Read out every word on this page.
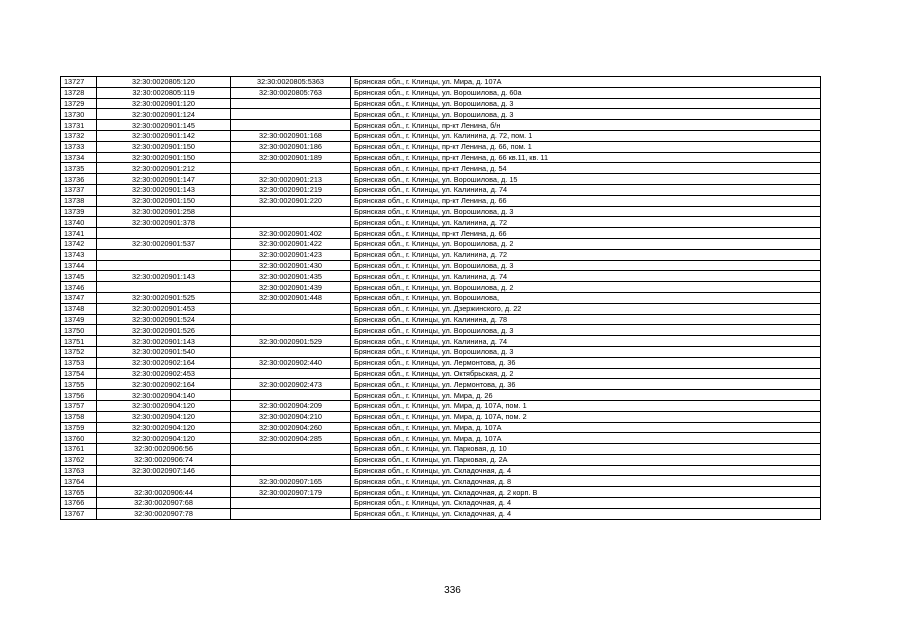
13727	32:30:0020805:120	32:30:0020805:5363	Брянская обл., г. Клинцы, ул. Мира, д. 107А
13728	32:30:0020805:119	32:30:0020805:763	Брянская обл., г. Клинцы, ул. Ворошилова, д. 60а
13729	32:30:0020901:120		Брянская обл., г. Клинцы, ул. Ворошилова, д. 3
13730	32:30:0020901:124		Брянская обл., г. Клинцы, ул. Ворошилова, д. 3
13731	32:30:0020901:145		Брянская обл., г. Клинцы, пр-кт Ленина, б/н
13732	32:30:0020901:142	32:30:0020901:168	Брянская обл., г. Клинцы, ул. Калинина, д. 72, пом. 1
13733	32:30:0020901:150	32:30:0020901:186	Брянская обл., г. Клинцы, пр-кт Ленина, д. 66, пом. 1
13734	32:30:0020901:150	32:30:0020901:189	Брянская обл., г. Клинцы, пр-кт Ленина, д. 66 кв.11, кв. 11
13735	32:30:0020901:212		Брянская обл., г. Клинцы, пр-кт Ленина, д. 54
13736	32:30:0020901:147	32:30:0020901:213	Брянская обл., г. Клинцы, ул. Ворошилова, д. 15
13737	32:30:0020901:143	32:30:0020901:219	Брянская обл., г. Клинцы, ул. Калинина, д. 74
13738	32:30:0020901:150	32:30:0020901:220	Брянская обл., г. Клинцы, пр-кт Ленина, д. 66
13739	32:30:0020901:258		Брянская обл., г. Клинцы, ул. Ворошилова, д. 3
13740	32:30:0020901:378		Брянская обл., г. Клинцы, ул. Калинина, д. 72
13741		32:30:0020901:402	Брянская обл., г. Клинцы, пр-кт Ленина, д. 66
13742	32:30:0020901:537	32:30:0020901:422	Брянская обл., г. Клинцы, ул. Ворошилова, д. 2
13743		32:30:0020901:423	Брянская обл., г. Клинцы, ул. Калинина, д. 72
13744		32:30:0020901:430	Брянская обл., г. Клинцы, ул. Ворошилова, д. 3
13745	32:30:0020901:143	32:30:0020901:435	Брянская обл., г. Клинцы, ул. Калинина, д. 74
13746		32:30:0020901:439	Брянская обл., г. Клинцы, ул. Ворошилова, д. 2
13747	32:30:0020901:525	32:30:0020901:448	Брянская обл., г. Клинцы, ул. Ворошилова,
13748	32:30:0020901:453		Брянская обл., г. Клинцы, ул. Дзержинского, д. 22
13749	32:30:0020901:524		Брянская обл., г. Клинцы, ул. Калинина, д. 78
13750	32:30:0020901:526		Брянская обл., г. Клинцы, ул. Ворошилова, д. 3
13751	32:30:0020901:143	32:30:0020901:529	Брянская обл., г. Клинцы, ул. Калинина, д. 74
13752	32:30:0020901:540		Брянская обл., г. Клинцы, ул. Ворошилова, д. 3
13753	32:30:0020902:164	32:30:0020902:440	Брянская обл., г. Клинцы, ул. Лермонтова, д. 36
13754	32:30:0020902:453		Брянская обл., г. Клинцы, ул. Октябрьская, д. 2
13755	32:30:0020902:164	32:30:0020902:473	Брянская обл., г. Клинцы, ул. Лермонтова, д. 36
13756	32:30:0020904:140		Брянская обл., г. Клинцы, ул. Мира, д. 26
13757	32:30:0020904:120	32:30:0020904:209	Брянская обл., г. Клинцы, ул. Мира, д. 107А, пом. 1
13758	32:30:0020904:120	32:30:0020904:210	Брянская обл., г. Клинцы, ул. Мира, д. 107А, пом. 2
13759	32:30:0020904:120	32:30:0020904:260	Брянская обл., г. Клинцы, ул. Мира, д. 107А
13760	32:30:0020904:120	32:30:0020904:285	Брянская обл., г. Клинцы, ул. Мира, д. 107А
13761	32:30:0020906:56		Брянская обл., г. Клинцы, ул. Парковая, д. 10
13762	32:30:0020906:74		Брянская обл., г. Клинцы, ул. Парковая, д. 2А
13763	32:30:0020907:146		Брянская обл., г. Клинцы, ул. Складочная, д. 4
13764		32:30:0020907:165	Брянская обл., г. Клинцы, ул. Складочная, д. 8
13765	32:30:0020906:44	32:30:0020907:179	Брянская обл., г. Клинцы, ул. Складочная, д. 2 корп. В
13766	32:30:0020907:68		Брянская обл., г. Клинцы, ул. Складочная, д. 4
13767	32:30:0020907:78		Брянская обл., г. Клинцы, ул. Складочная, д. 4
336
